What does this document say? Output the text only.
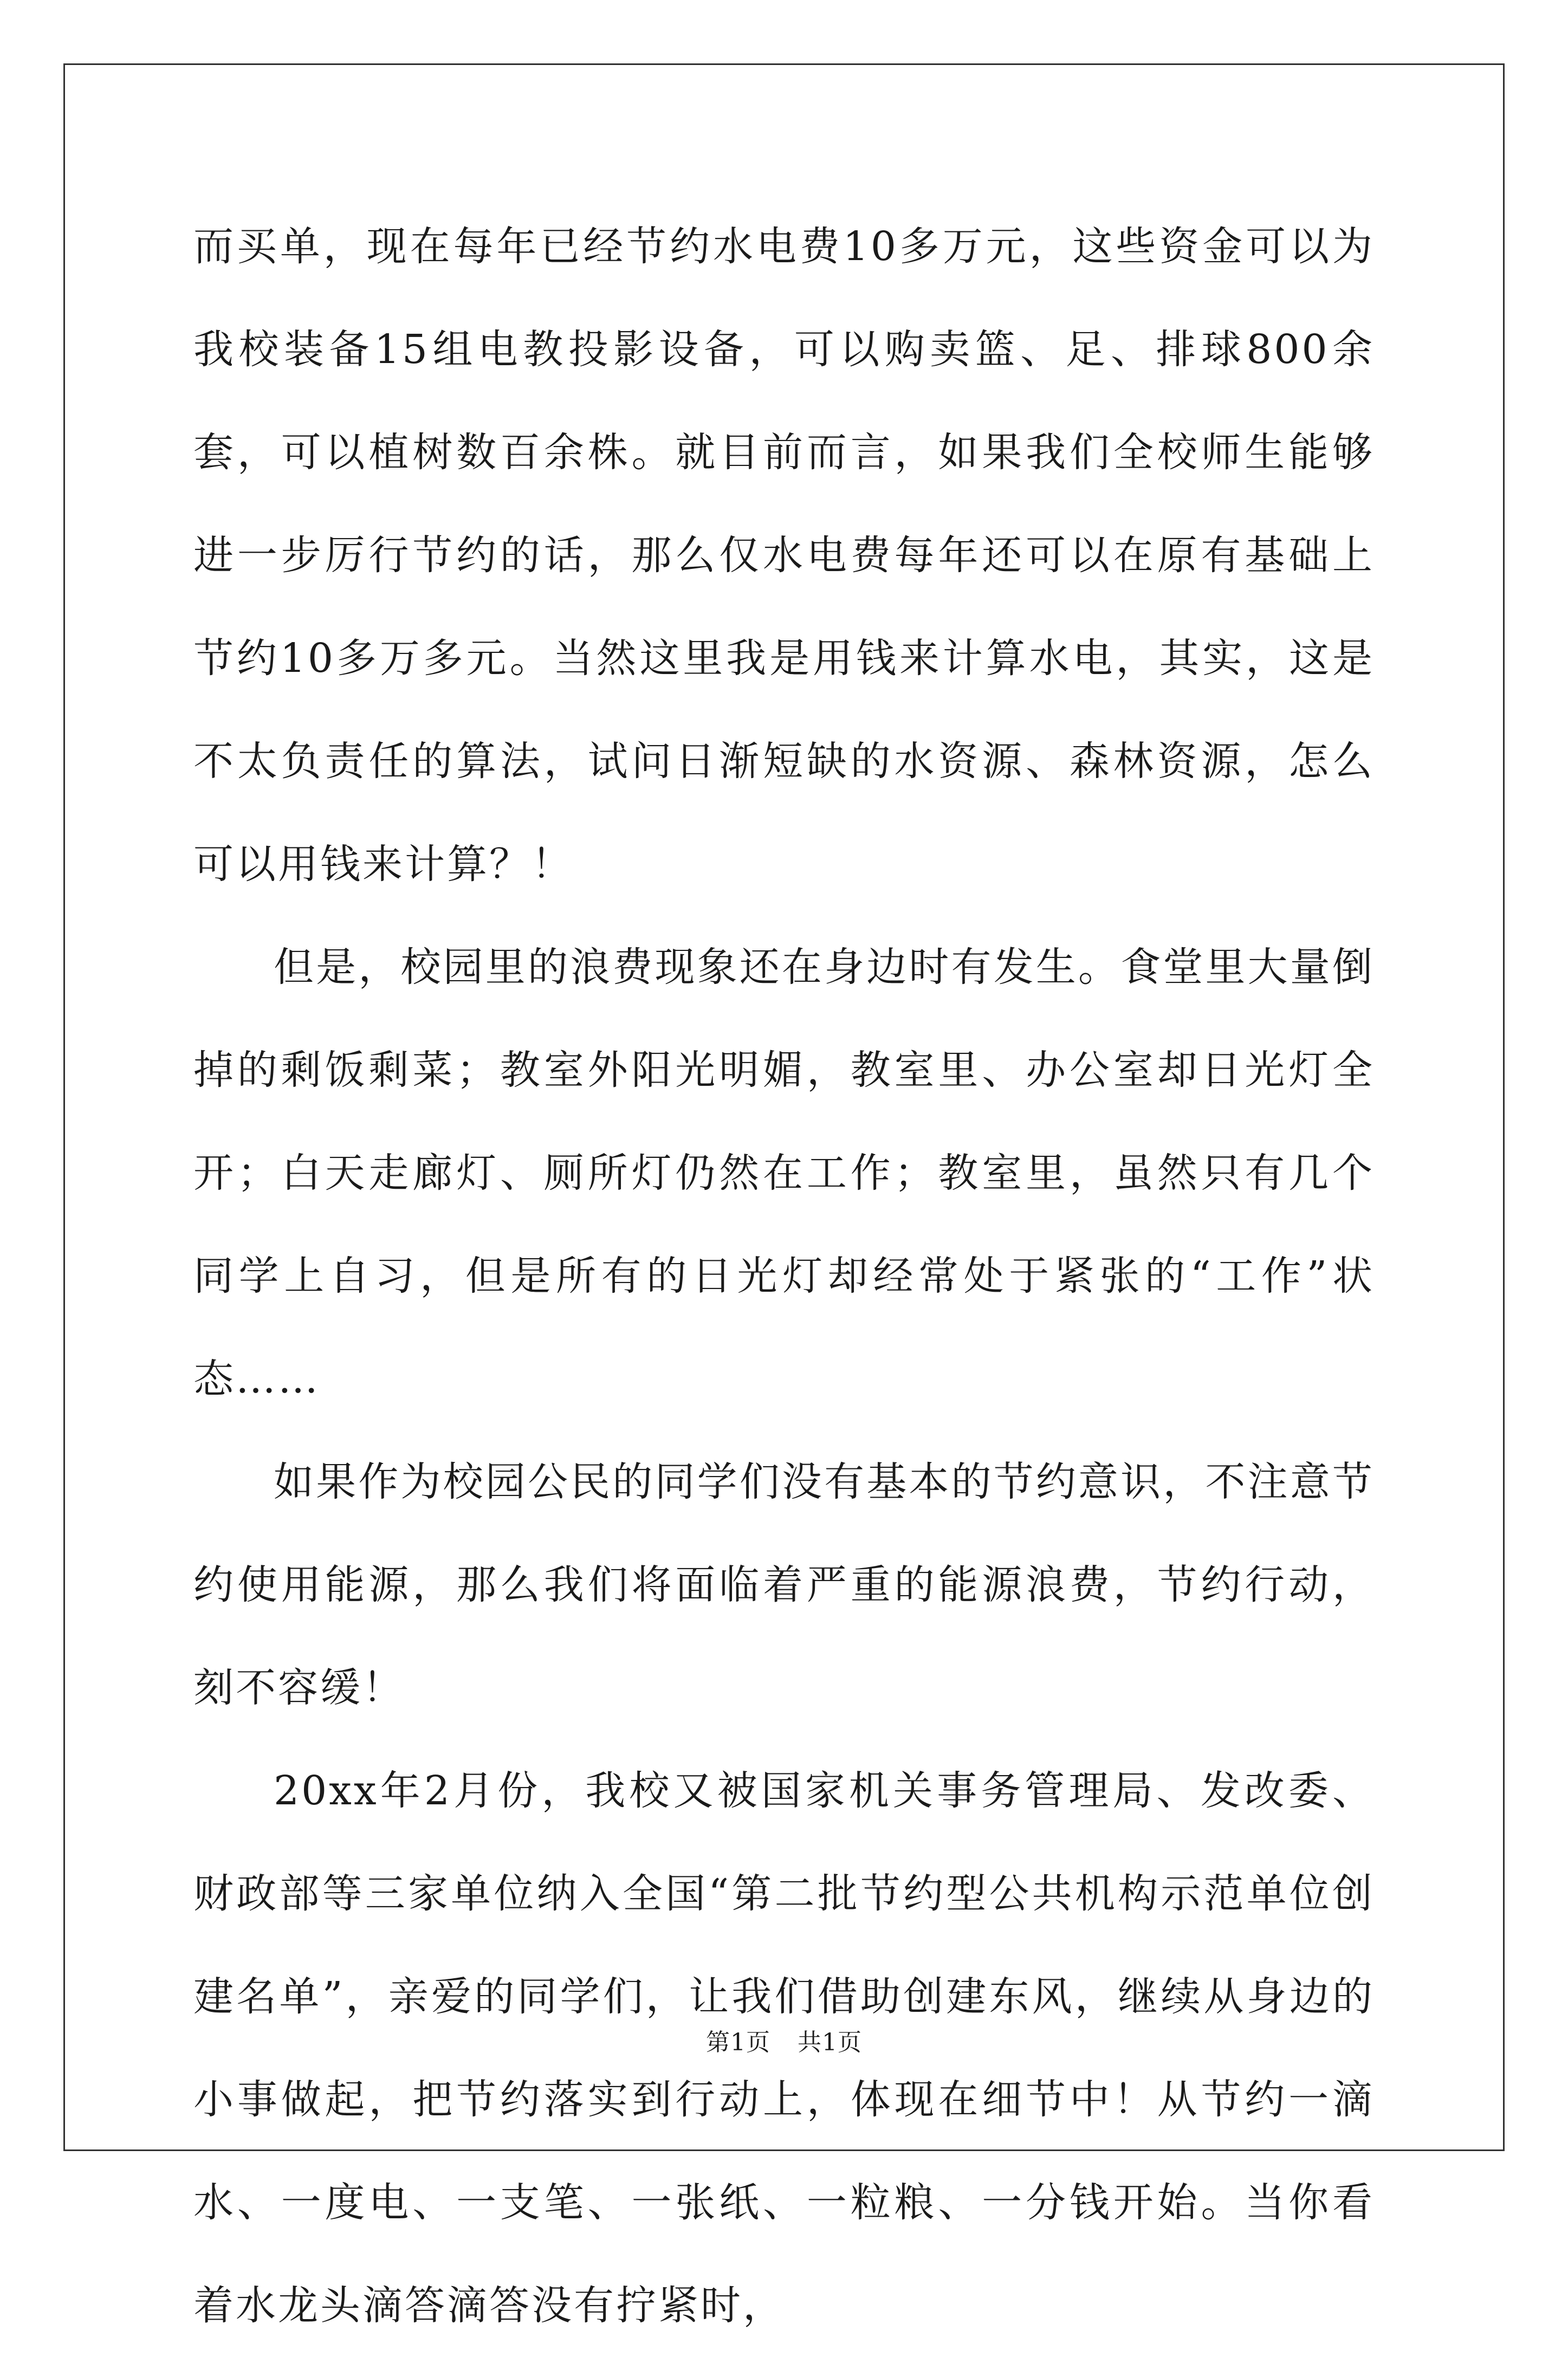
而买单，现在每年已经节约水电费10多万元，这些资金可以为我校装备15组电教投影设备，可以购卖篮、足、排球800余套，可以植树数百余株。就目前而言，如果我们全校师生能够进一步厉行节约的话，那么仅水电费每年还可以在原有基础上节约10多万多元。当然这里我是用钱来计算水电，其实，这是不太负责任的算法，试问日渐短缺的水资源、森林资源，怎么可以用钱来计算？！

但是，校园里的浪费现象还在身边时有发生。食堂里大量倒掉的剩饭剩菜；教室外阳光明媚，教室里、办公室却日光灯全开；白天走廊灯、厕所灯仍然在工作；教室里，虽然只有几个同学上自习，但是所有的日光灯却经常处于紧张的“工作”状态……

如果作为校园公民的同学们没有基本的节约意识，不注意节约使用能源，那么我们将面临着严重的能源浪费，节约行动，刻不容缓！

20xx年2月份，我校又被国家机关事务管理局、发改委、财政部等三家单位纳入全国“第二批节约型公共机构示范单位创建名单”，亲爱的同学们，让我们借助创建东风，继续从身边的小事做起，把节约落实到行动上，体现在细节中！从节约一滴水、一度电、一支笔、一张纸、一粒粮、一分钱开始。当你看着水龙头滴答滴答没有拧紧时，

第1页 共1页
